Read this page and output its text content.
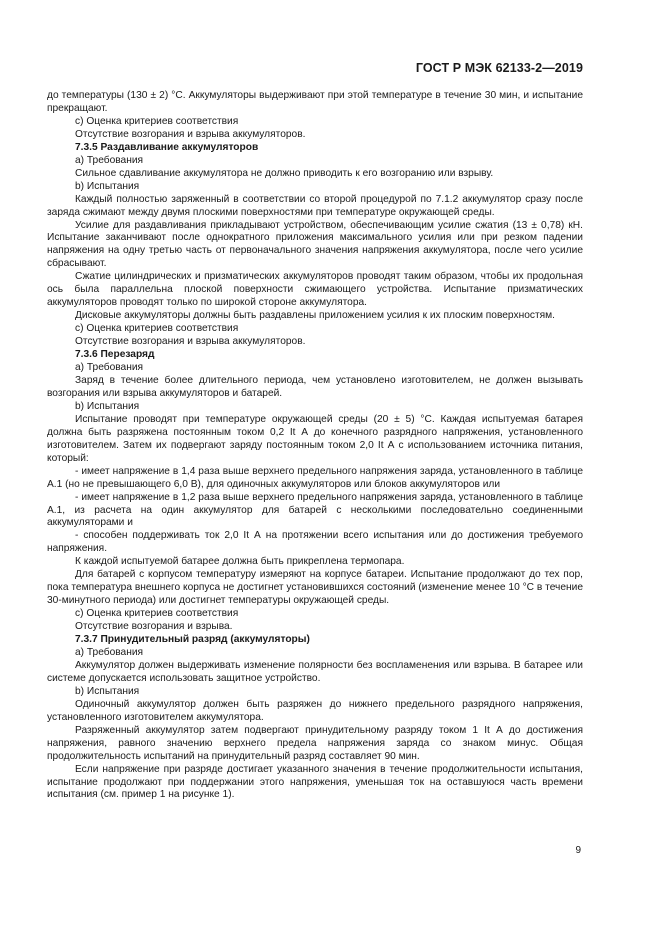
ГОСТ Р МЭК 62133-2—2019

до температуры (130 ± 2) °С. Аккумуляторы выдерживают при этой температуре в течение 30 мин, и испытание прекращают.

с) Оценка критериев соответствия

Отсутствие возгорания и взрыва аккумуляторов.

7.3.5 Раздавливание аккумуляторов

а) Требования

Сильное сдавливание аккумулятора не должно приводить к его возгоранию или взрыву.

b) Испытания

Каждый полностью заряженный в соответствии со второй процедурой по 7.1.2 аккумулятор сразу после заряда сжимают между двумя плоскими поверхностями при температуре окружающей среды.

Усилие для раздавливания прикладывают устройством, обеспечивающим усилие сжатия (13 ± 0,78) кН. Испытание заканчивают после однократного приложения максимального усилия или при резком падении напряжения на одну третью часть от первоначального значения напряжения аккумулятора, после чего усилие сбрасывают.

Сжатие цилиндрических и призматических аккумуляторов проводят таким образом, чтобы их продольная ось была параллельна плоской поверхности сжимающего устройства. Испытание призматических аккумуляторов проводят только по широкой стороне аккумулятора.

Дисковые аккумуляторы должны быть раздавлены приложением усилия к их плоским поверхностям.

с) Оценка критериев соответствия

Отсутствие возгорания и взрыва аккумуляторов.

7.3.6 Перезаряд

а) Требования

Заряд в течение более длительного периода, чем установлено изготовителем, не должен вызывать возгорания или взрыва аккумуляторов и батарей.

b) Испытания

Испытание проводят при температуре окружающей среды (20 ± 5) °С. Каждая испытуемая батарея должна быть разряжена постоянным током 0,2 It А до конечного разрядного напряжения, установленного изготовителем. Затем их подвергают заряду постоянным током 2,0 It А с использованием источника питания, который:

- имеет напряжение в 1,4 раза выше верхнего предельного напряжения заряда, установленного в таблице А.1 (но не превышающего 6,0 В), для одиночных аккумуляторов или блоков аккумуляторов или

- имеет напряжение в 1,2 раза выше верхнего предельного напряжения заряда, установленного в таблице А.1, из расчета на один аккумулятор для батарей с несколькими последовательно соединенными аккумуляторами и

- способен поддерживать ток 2,0 It А на протяжении всего испытания или до достижения требуемого напряжения.

К каждой испытуемой батарее должна быть прикреплена термопара.

Для батарей с корпусом температуру измеряют на корпусе батареи. Испытание продолжают до тех пор, пока температура внешнего корпуса не достигнет установившихся состояний (изменение менее 10 °С в течение 30-минутного периода) или достигнет температуры окружающей среды.

с) Оценка критериев соответствия

Отсутствие возгорания и взрыва.

7.3.7 Принудительный разряд (аккумуляторы)

а) Требования

Аккумулятор должен выдерживать изменение полярности без воспламенения или взрыва. В батарее или системе допускается использовать защитное устройство.

b) Испытания

Одиночный аккумулятор должен быть разряжен до нижнего предельного разрядного напряжения, установленного изготовителем аккумулятора.

Разряженный аккумулятор затем подвергают принудительному разряду током 1 It А до достижения напряжения, равного значению верхнего предела напряжения заряда со знаком минус. Общая продолжительность испытаний на принудительный разряд составляет 90 мин.

Если напряжение при разряде достигает указанного значения в течение продолжительности испытания, испытание продолжают при поддержании этого напряжения, уменьшая ток на оставшуюся часть времени испытания (см. пример 1 на рисунке 1).

9
